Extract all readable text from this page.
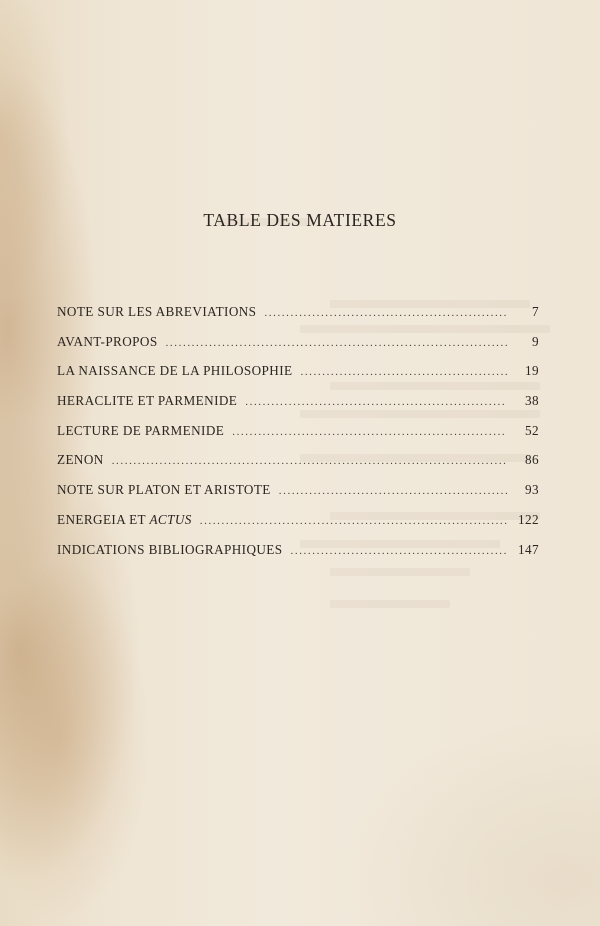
TABLE DES MATIERES
NOTE SUR LES ABREVIATIONS .....	7
AVANT-PROPOS .....	9
LA NAISSANCE DE LA PHILOSOPHIE .....	19
HERACLITE ET PARMENIDE .....	38
LECTURE DE PARMENIDE .....	52
ZENON .....	86
NOTE SUR PLATON ET ARISTOTE .....	93
ENERGEIA ET ACTUS .....	122
INDICATIONS BIBLIOGRAPHIQUES .....	147
